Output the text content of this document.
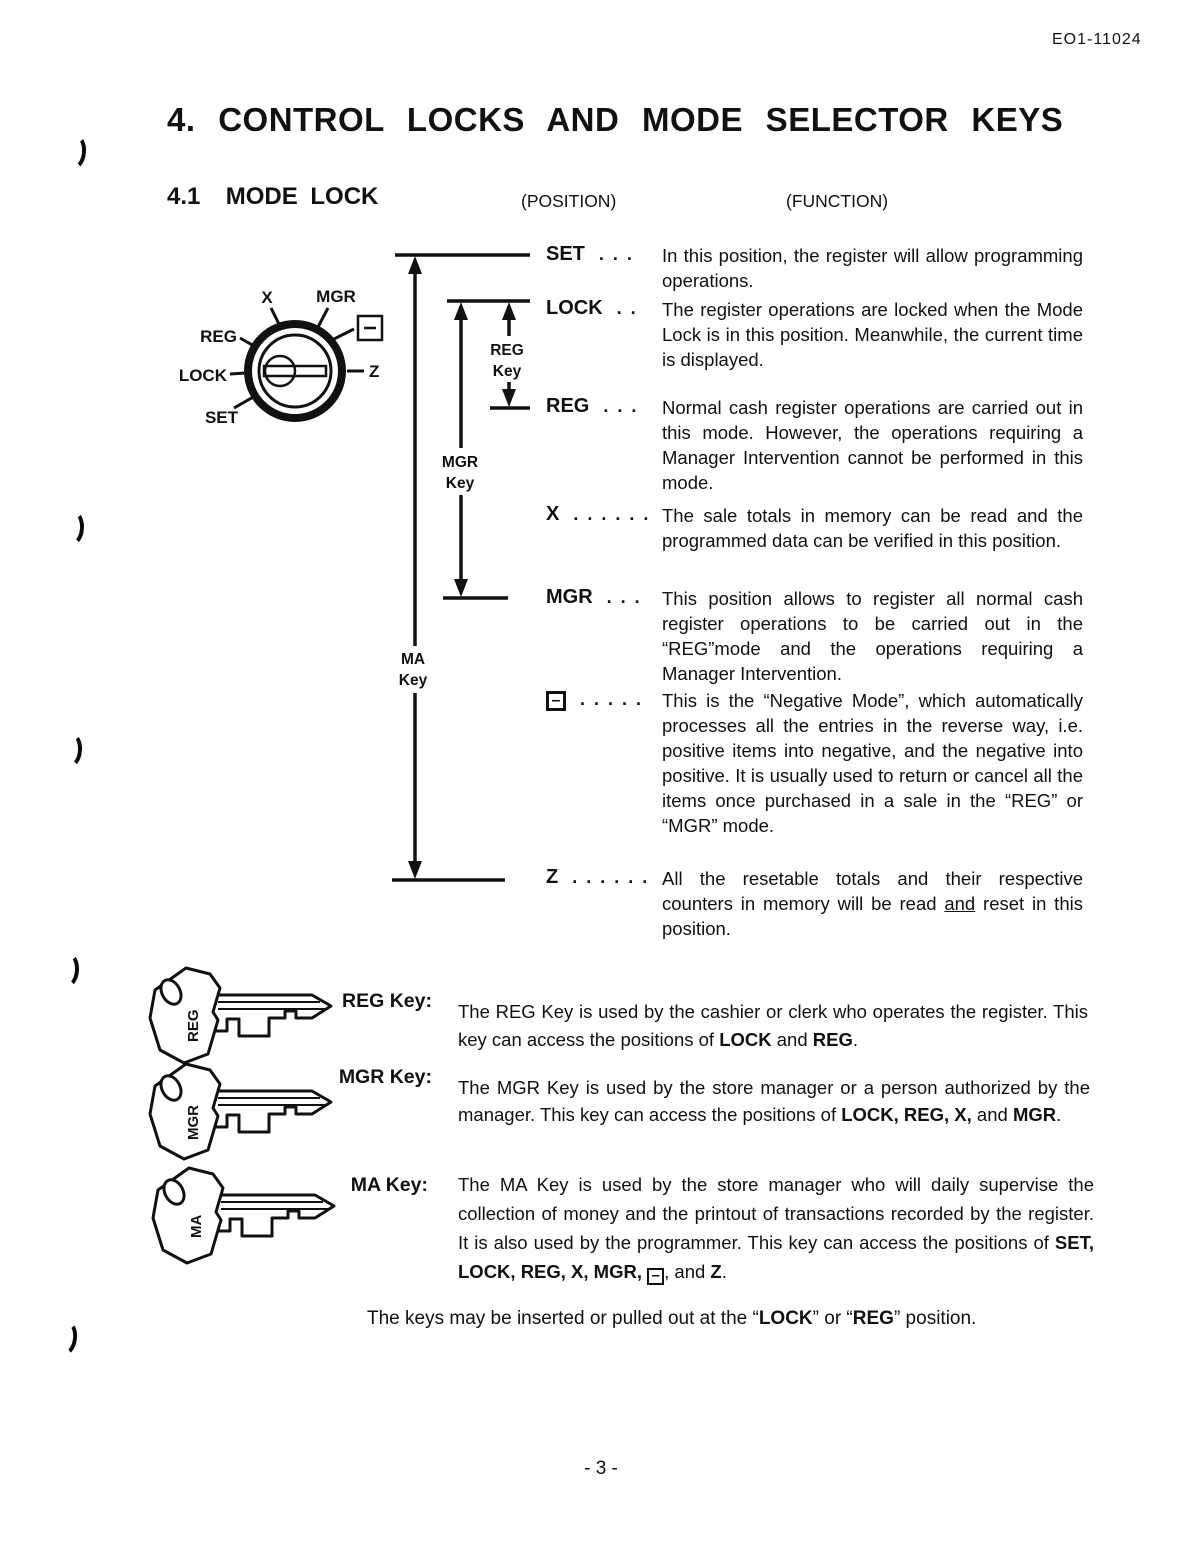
EO1-11024
4. CONTROL LOCKS AND MODE SELECTOR KEYS
4.1  MODE LOCK	(POSITION)	(FUNCTION)
X	MGR
REG
LOCK
SET
Z
MA
Key
MGR
Key
REG
Key
SET . . . In this position, the register will allow programming operations.
LOCK . . The register operations are locked when the Mode Lock is in this position. Meanwhile, the current time is displayed.
REG . . . Normal cash register operations are carried out in this mode. However, the operations requiring a Manager Intervention cannot be performed in this mode.
X . . . . . . The sale totals in memory can be read and the programmed data can be verified in this position.
MGR . . . This position allows to register all normal cash register operations to be carried out in the “REG”mode and the operations requiring a Manager Intervention.
– . . . . . This is the “Negative Mode”, which automatically processes all the entries in the reverse way, i.e. positive items into negative, and the negative into positive. It is usually used to return or cancel all the items once purchased in a sale in the “REG” or “MGR” mode.
Z . . . . . . All the resetable totals and their respective counters in memory will be read and reset in this position.
REG
REG Key: The REG Key is used by the cashier or clerk who operates the register. This key can access the positions of LOCK and REG.
MGR
MGR Key: The MGR Key is used by the store manager or a person authorized by the manager. This key can access the positions of LOCK, REG, X, and MGR.
MA
MA Key: The MA Key is used by the store manager who will daily supervise the collection of money and the printout of transactions recorded by the register. It is also used by the programmer. This key can access the positions of SET, LOCK, REG, X, MGR, – , and Z.
The keys may be inserted or pulled out at the “LOCK” or “REG” position.
- 3 -
